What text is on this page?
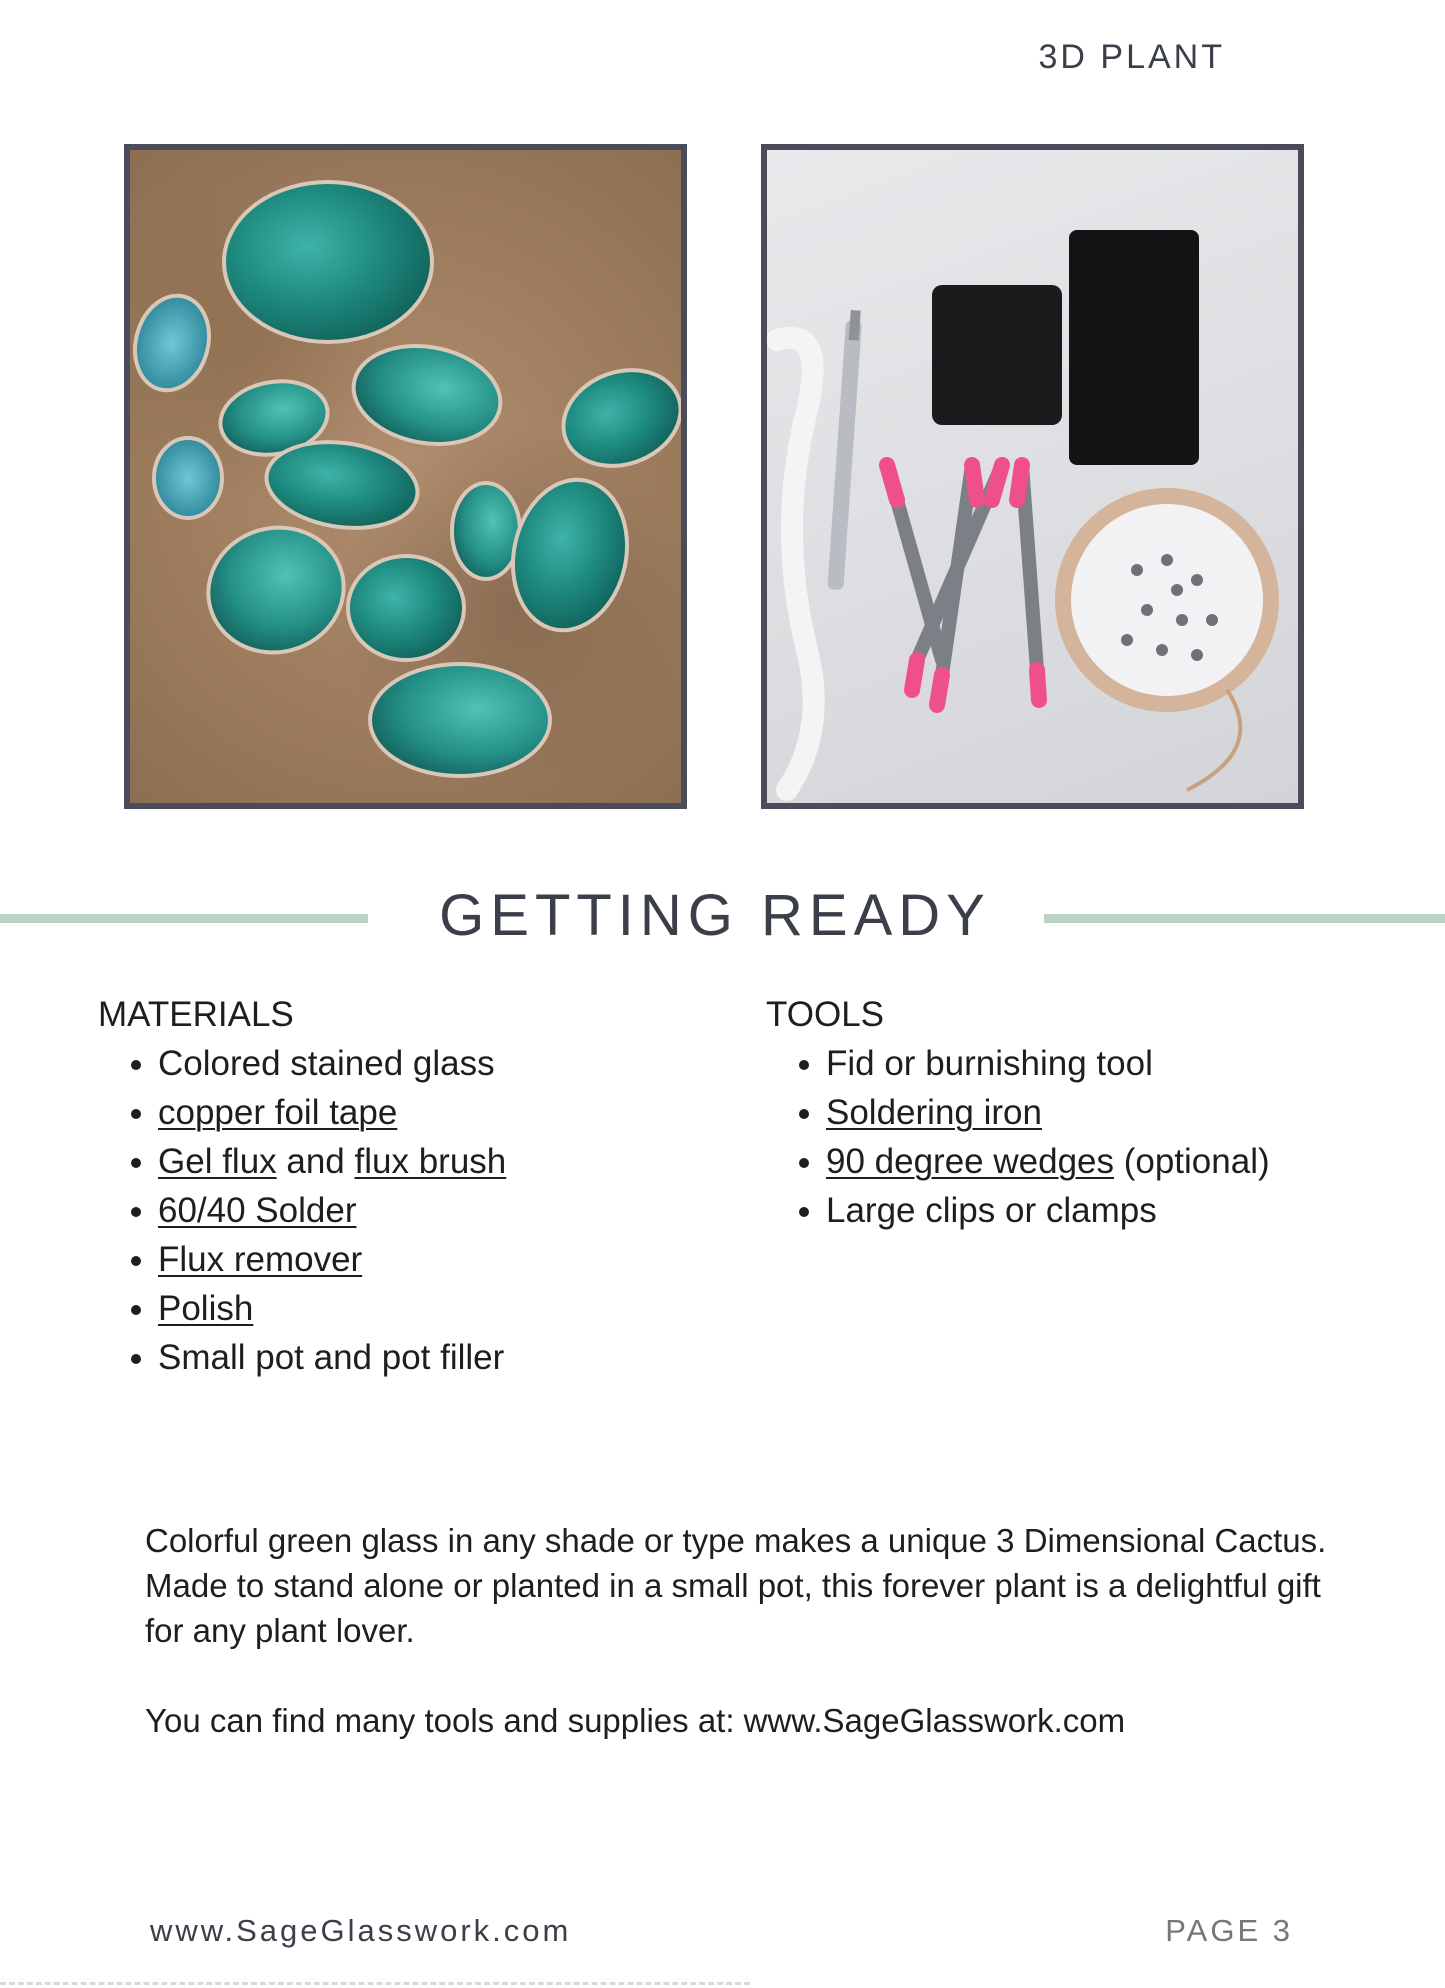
3D PLANT
GETTING READY
MATERIALS
• Colored stained glass
• copper foil tape
• Gel flux and flux brush
• 60/40 Solder
• Flux remover
• Polish
• Small pot and pot filler
TOOLS
• Fid or burnishing tool
• Soldering iron
• 90 degree wedges (optional)
• Large clips or clamps

Colorful green glass in any shade or type makes a unique 3 Dimensional Cactus. Made to stand alone or planted in a small pot, this forever plant is a delightful gift for any plant lover.

You can find many tools and supplies at: www.SageGlasswork.com

www.SageGlasswork.com	PAGE 3
